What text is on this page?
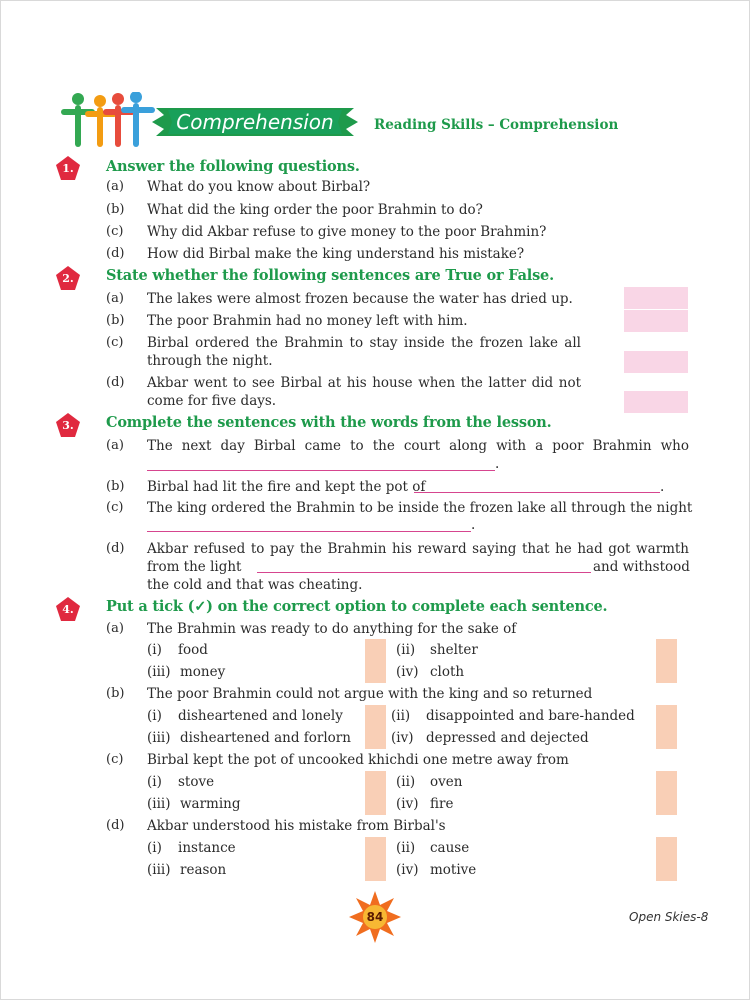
Comprehension	Reading Skills – Comprehension
1.	Answer the following questions.
(a) What do you know about Birbal?
(b) What did the king order the poor Brahmin to do?
(c) Why did Akbar refuse to give money to the poor Brahmin?
(d) How did Birbal make the king understand his mistake?
2.	State whether the following sentences are True or False.
(a) The lakes were almost frozen because the water has dried up.
(b) The poor Brahmin had no money left with him.
(c) Birbal ordered the Brahmin to stay inside the frozen lake all
through the night.
(d) Akbar went to see Birbal at his house when the latter did not
come for five days.
3.	Complete the sentences with the words from the lesson.
(a) The next day Birbal came to the court along with a poor Brahmin who
.
(b) Birbal had lit the fire and kept the pot of	.
(c) The king ordered the Brahmin to be inside the frozen lake all through the night
.
(d) Akbar refused to pay the Brahmin his reward saying that he had got warmth
from the light	and withstood
the cold and that was cheating.
4.	Put a tick (✓) on the correct option to complete each sentence.
(a) The Brahmin was ready to do anything for the sake of
(i) food	(ii) shelter
(iii) money	(iv) cloth
(b) The poor Brahmin could not argue with the king and so returned
(i) disheartened and lonely	(ii) disappointed and bare-handed
(iii) disheartened and forlorn	(iv) depressed and dejected
(c) Birbal kept the pot of uncooked khichdi one metre away from
(i) stove	(ii) oven
(iii) warming	(iv) fire
(d) Akbar understood his mistake from Birbal's
(i) instance	(ii) cause
(iii) reason	(iv) motive
84	Open Skies-8
